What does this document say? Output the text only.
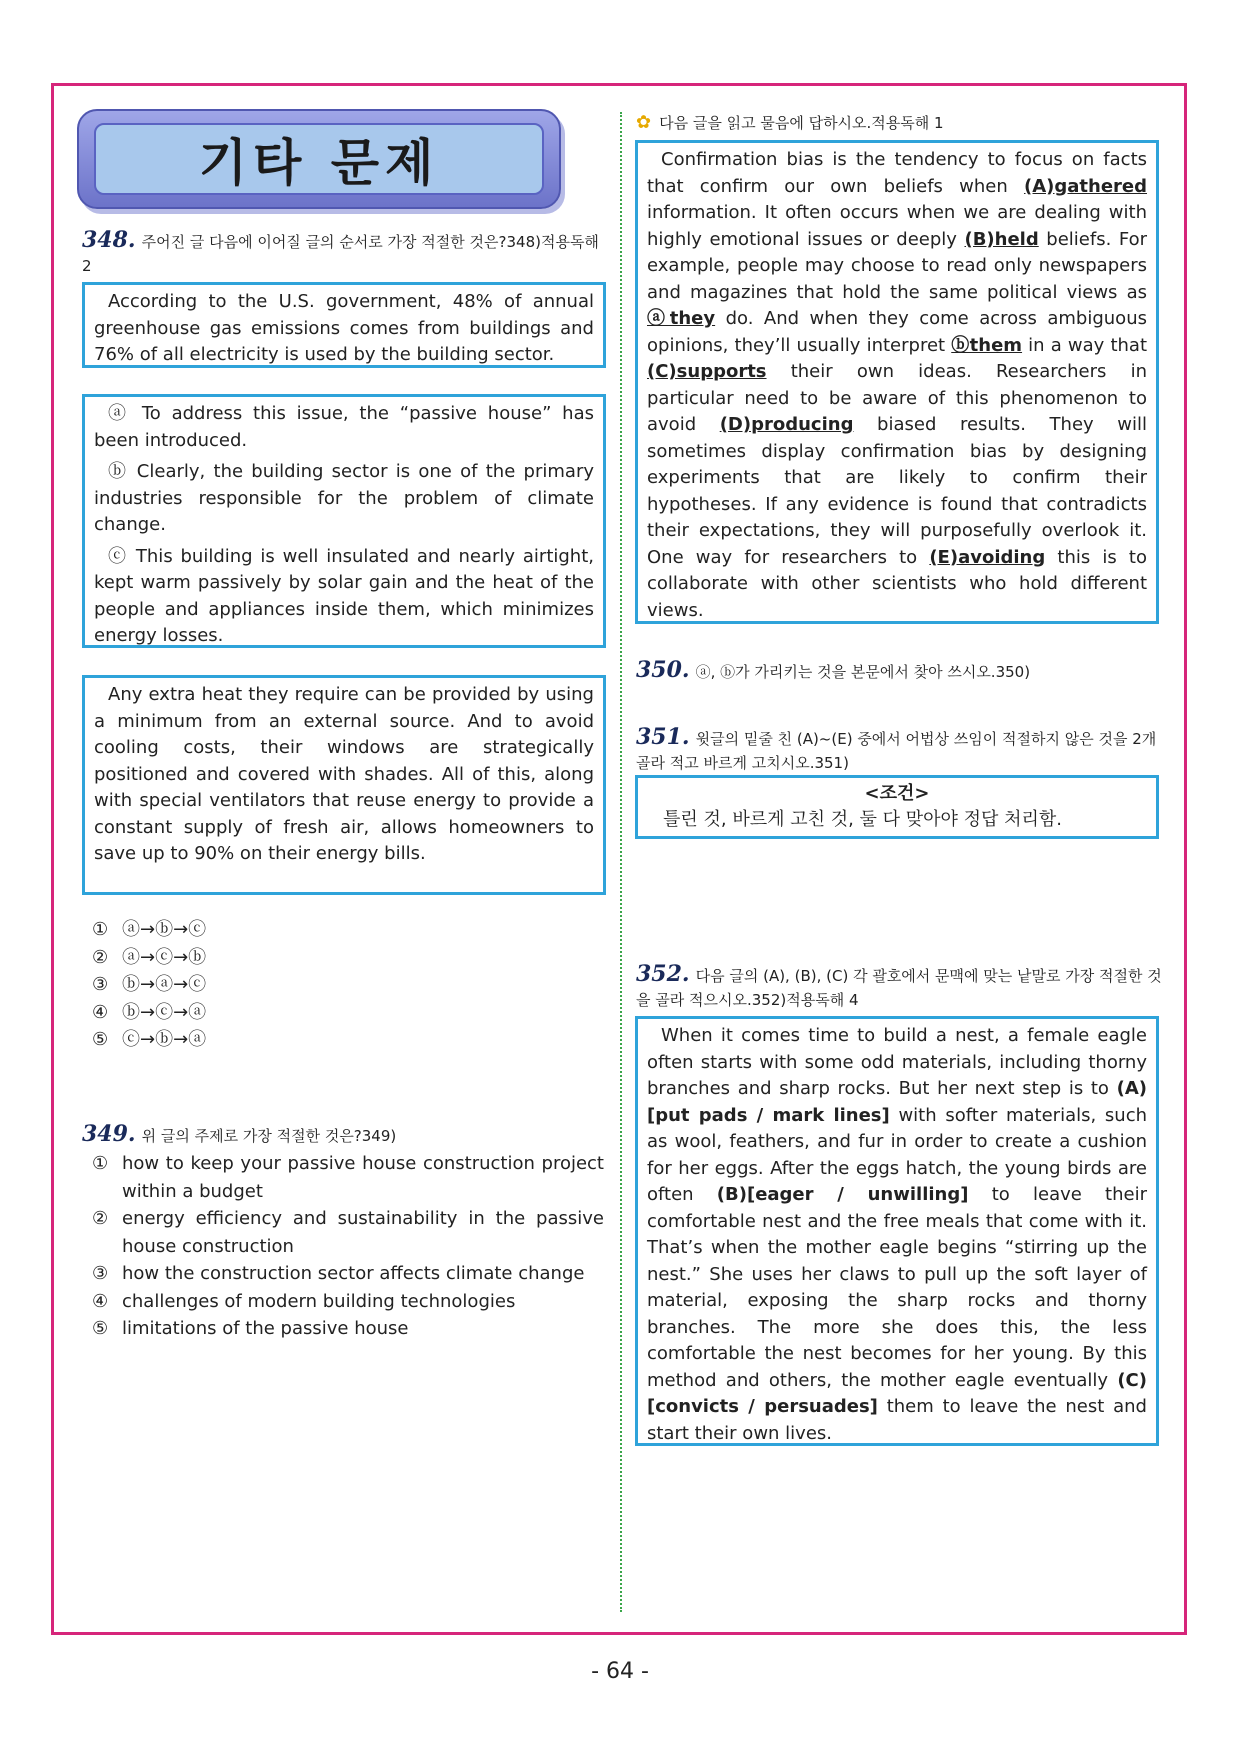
기타 문제
348. 주어진 글 다음에 이어질 글의 순서로 가장 적절한 것은?348)적용독해 2

According to the U.S. government, 48% of annual greenhouse gas emissions comes from buildings and 76% of all electricity is used by the building sector.

ⓐ To address this issue, the “passive house” has been introduced.

ⓑ Clearly, the building sector is one of the primary industries responsible for the problem of climate change.

ⓒ This building is well insulated and nearly airtight, kept warm passively by solar gain and the heat of the people and appliances inside them, which minimizes energy losses.

Any extra heat they require can be provided by using a minimum from an external source. And to avoid cooling costs, their windows are strategically positioned and covered with shades. All of this, along with special ventilators that reuse energy to provide a constant supply of fresh air, allows homeowners to save up to 90% on their energy bills.

① ⓐ→ⓑ→ⓒ
② ⓐ→ⓒ→ⓑ
③ ⓑ→ⓐ→ⓒ
④ ⓑ→ⓒ→ⓐ
⑤ ⓒ→ⓑ→ⓐ
349. 위 글의 주제로 가장 적절한 것은?349)
① how to keep your passive house construction project within a budget
② energy efficiency and sustainability in the passive house construction
③ how the construction sector affects climate change
④ challenges of modern building technologies
⑤ limitations of the passive house
✿ 다음 글을 읽고 물음에 답하시오.적용독해 1

Confirmation bias is the tendency to focus on facts that confirm our own beliefs when (A)gathered information. It often occurs when we are dealing with highly emotional issues or deeply (B)held beliefs. For example, people may choose to read only newspapers and magazines that hold the same political views as ⓐthey do. And when they come across ambiguous opinions, they’ll usually interpret ⓑthem in a way that (C)supports their own ideas. Researchers in particular need to be aware of this phenomenon to avoid (D)producing biased results. They will sometimes display confirmation bias by designing experiments that are likely to confirm their hypotheses. If any evidence is found that contradicts their expectations, they will purposefully overlook it. One way for researchers to (E)avoiding this is to collaborate with other scientists who hold different views.

350. ⓐ, ⓑ가 가리키는 것을 본문에서 찾아 쓰시오.350)
351. 윗글의 밑줄 친 (A)~(E) 중에서 어법상 쓰임이 적절하지 않은 것을 2개 골라 적고 바르게 고치시오.351)
<조건>
틀린 것, 바르게 고친 것, 둘 다 맞아야 정답 처리함.
352. 다음 글의 (A), (B), (C) 각 괄호에서 문맥에 맞는 낱말로 가장 적절한 것을 골라 적으시오.352)적용독해 4

When it comes time to build a nest, a female eagle often starts with some odd materials, including thorny branches and sharp rocks. But her next step is to (A)[put pads / mark lines] with softer materials, such as wool, feathers, and fur in order to create a cushion for her eggs. After the eggs hatch, the young birds are often (B)[eager / unwilling] to leave their comfortable nest and the free meals that come with it. That’s when the mother eagle begins “stirring up the nest.” She uses her claws to pull up the soft layer of material, exposing the sharp rocks and thorny branches. The more she does this, the less comfortable the nest becomes for her young. By this method and others, the mother eagle eventually (C)[convicts / persuades] them to leave the nest and start their own lives.

- 64 -
